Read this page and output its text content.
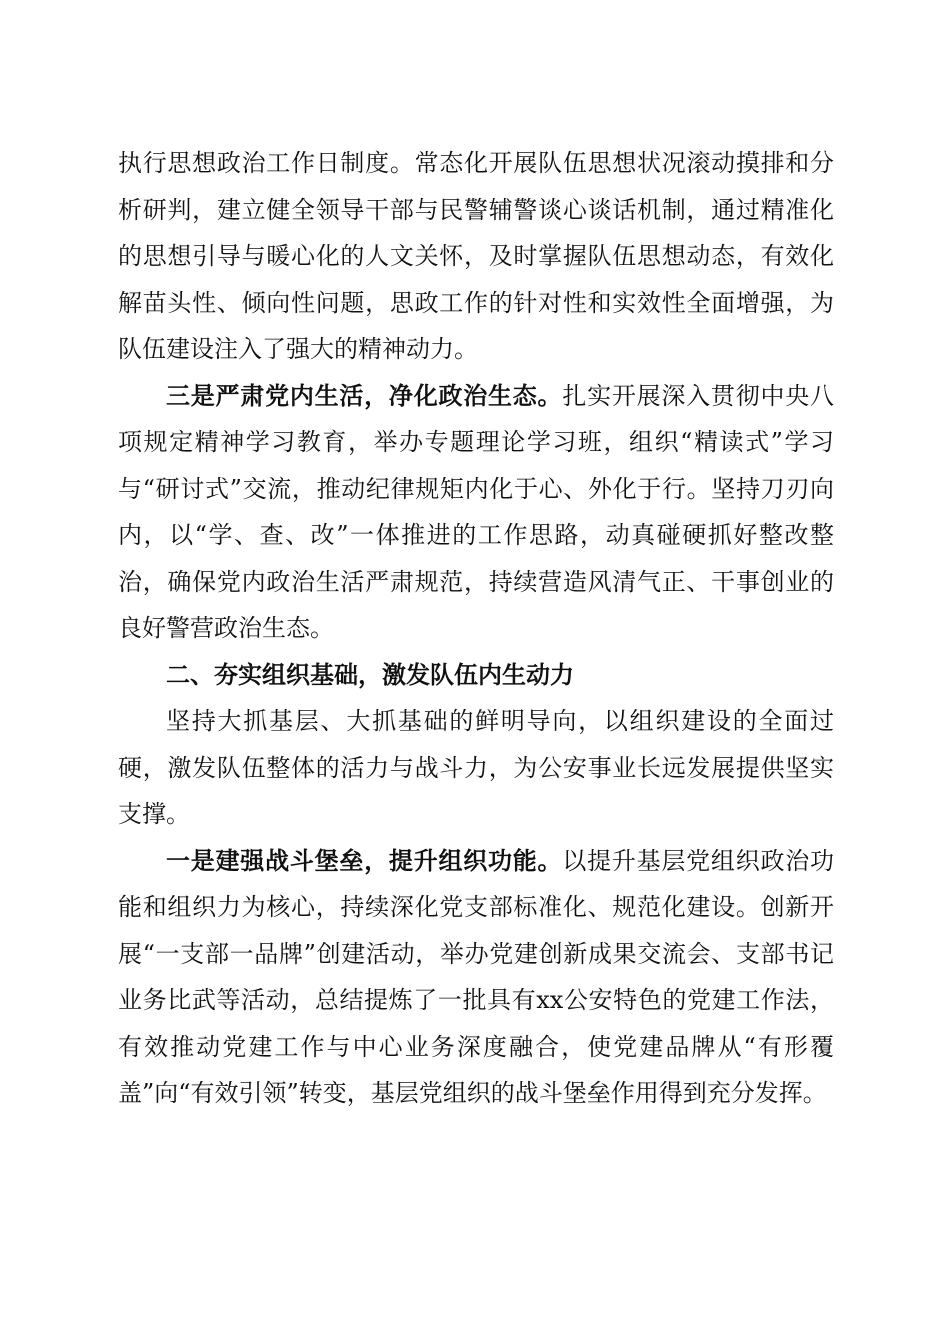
执行思想政治工作日制度。常态化开展队伍思想状况滚动摸排和分析研判，建立健全领导干部与民警辅警谈心谈话机制，通过精准化的思想引导与暖心化的人文关怀，及时掌握队伍思想动态，有效化解苗头性、倾向性问题，思政工作的针对性和实效性全面增强，为队伍建设注入了强大的精神动力。

三是严肃党内生活，净化政治生态。扎实开展深入贯彻中央八项规定精神学习教育，举办专题理论学习班，组织“精读式”学习与“研讨式”交流，推动纪律规矩内化于心、外化于行。坚持刀刃向内，以“学、查、改”一体推进的工作思路，动真碰硬抓好整改整治，确保党内政治生活严肃规范，持续营造风清气正、干事创业的良好警营政治生态。

二、夯实组织基础，激发队伍内生动力

坚持大抓基层、大抓基础的鲜明导向，以组织建设的全面过硬，激发队伍整体的活力与战斗力，为公安事业长远发展提供坚实支撑。

一是建强战斗堡垒，提升组织功能。以提升基层党组织政治功能和组织力为核心，持续深化党支部标准化、规范化建设。创新开展“一支部一品牌”创建活动，举办党建创新成果交流会、支部书记业务比武等活动，总结提炼了一批具有xx公安特色的党建工作法，有效推动党建工作与中心业务深度融合，使党建品牌从“有形覆盖”向“有效引领”转变，基层党组织的战斗堡垒作用得到充分发挥。
